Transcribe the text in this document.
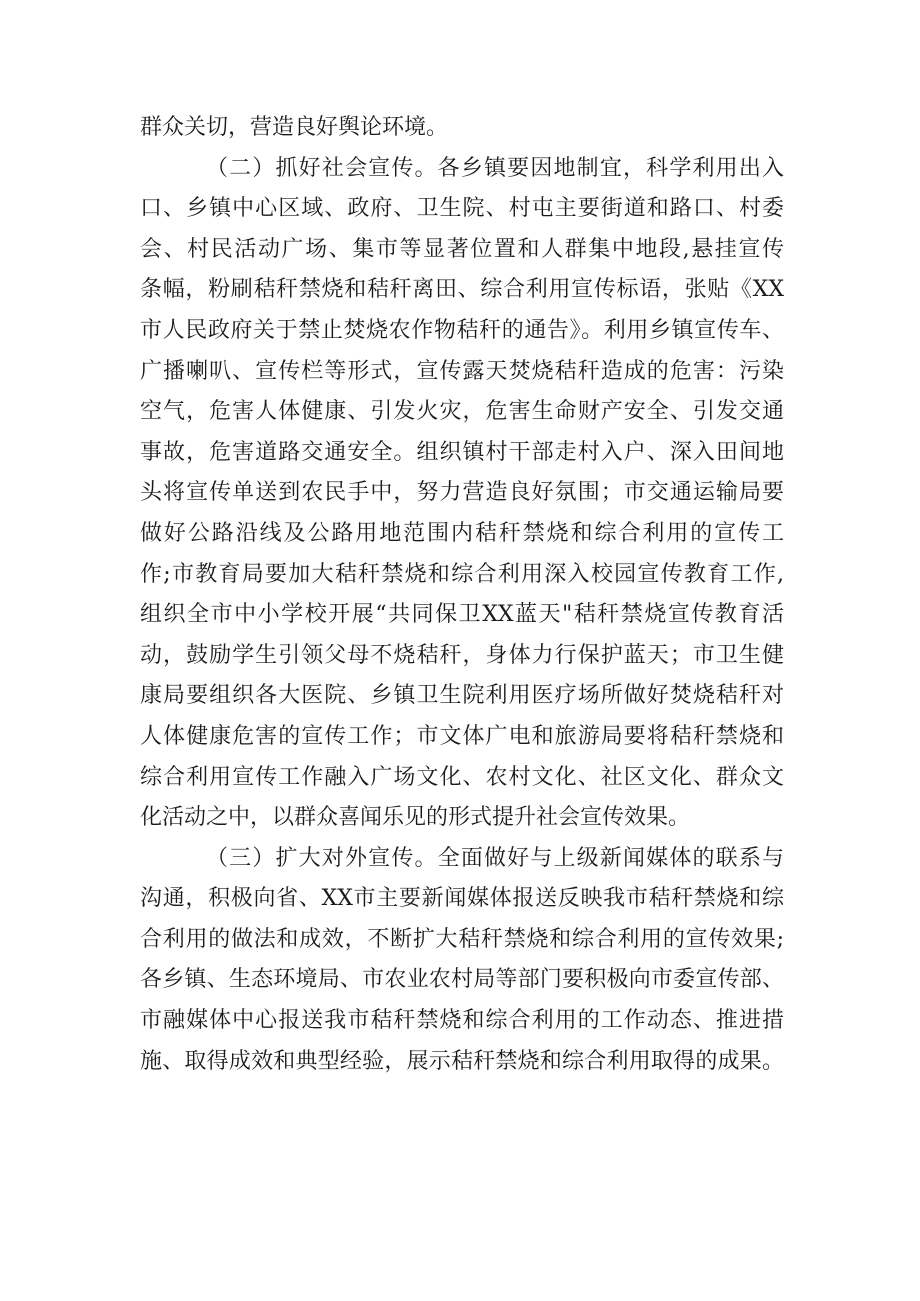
群众关切，营造良好舆论环境。
（二）抓好社会宣传。各乡镇要因地制宜，科学利用出入
口、乡镇中心区域、政府、卫生院、村屯主要街道和路口、村委
会、村民活动广场、集市等显著位置和人群集中地段,悬挂宣传
条幅，粉刷秸秆禁烧和秸秆离田、综合利用宣传标语，张贴《XX
市人民政府关于禁止焚烧农作物秸秆的通告》。利用乡镇宣传车、
广播喇叭、宣传栏等形式，宣传露天焚烧秸秆造成的危害：污染
空气，危害人体健康、引发火灾，危害生命财产安全、引发交通
事故，危害道路交通安全。组织镇村干部走村入户、深入田间地
头将宣传单送到农民手中，努力营造良好氛围；市交通运输局要
做好公路沿线及公路用地范围内秸秆禁烧和综合利用的宣传工
作;市教育局要加大秸秆禁烧和综合利用深入校园宣传教育工作,
组织全市中小学校开展“共同保卫XX蓝天"秸秆禁烧宣传教育活
动，鼓励学生引领父母不烧秸秆，身体力行保护蓝天；市卫生健
康局要组织各大医院、乡镇卫生院利用医疗场所做好焚烧秸秆对
人体健康危害的宣传工作；市文体广电和旅游局要将秸秆禁烧和
综合利用宣传工作融入广场文化、农村文化、社区文化、群众文
化活动之中，以群众喜闻乐见的形式提升社会宣传效果。
（三）扩大对外宣传。全面做好与上级新闻媒体的联系与
沟通，积极向省、XX市主要新闻媒体报送反映我市秸秆禁烧和综
合利用的做法和成效，不断扩大秸秆禁烧和综合利用的宣传效果;
各乡镇、生态环境局、市农业农村局等部门要积极向市委宣传部、
市融媒体中心报送我市秸秆禁烧和综合利用的工作动态、推进措
施、取得成效和典型经验，展示秸秆禁烧和综合利用取得的成果。
